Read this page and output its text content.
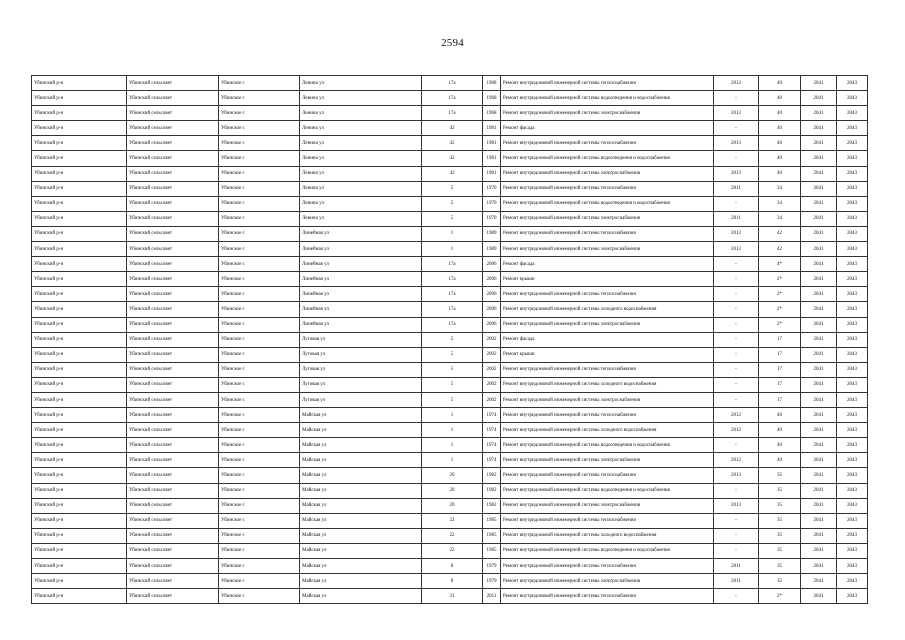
2594
Убинский р-н	Убинский сельсовет	Убинское с	Ленина ул	17а	1968	Ремонт внутридомовой инженерной системы теплоснабжения	2012	40	2041	2043
Убинский р-н	Убинский сельсовет	Убинское с	Ленина ул	17а	1968	Ремонт внутридомовой инженерной системы водоотведения и водоснабжения	-	40	2041	2043
Убинский р-н	Убинский сельсовет	Убинское с	Ленина ул	17а	1968	Ремонт внутридомовой инженерной системы электроснабжения	2012	40	2041	2043
Убинский р-н	Убинский сельсовет	Убинское с	Ленина ул	42	1981	Ремонт фасада	-	40	2041	2043
Убинский р-н	Убинский сельсовет	Убинское с	Ленина ул	42	1981	Ремонт внутридомовой инженерной системы теплоснабжения	2013	40	2041	2043
Убинский р-н	Убинский сельсовет	Убинское с	Ленина ул	42	1981	Ремонт внутридомовой инженерной системы водоотведения и водоснабжения	-	40	2041	2043
Убинский р-н	Убинский сельсовет	Убинское с	Ленина ул	42	1981	Ремонт внутридомовой инженерной системы электроснабжения	2013	40	2041	2043
Убинский р-н	Убинский сельсовет	Убинское с	Ленина ул	5	1970	Ремонт внутридомовой инженерной системы теплоснабжения	2011	34	2041	2043
Убинский р-н	Убинский сельсовет	Убинское с	Ленина ул	5	1970	Ремонт внутридомовой инженерной системы водоотведения и водоснабжения	-	34	2041	2043
Убинский р-н	Убинский сельсовет	Убинское с	Ленина ул	5	1970	Ремонт внутридомовой инженерной системы электроснабжения	2011	34	2041	2043
Убинский р-н	Убинский сельсовет	Убинское с	Линейная ул	1	1989	Ремонт внутридомовой инженерной системы теплоснабжения	2012	42	2041	2043
Убинский р-н	Убинский сельсовет	Убинское с	Линейная ул	1	1989	Ремонт внутридомовой инженерной системы электроснабжения	2012	42	2041	2043
Убинский р-н	Убинский сельсовет	Убинское с	Линейная ул	17а	2006	Ремонт фасада	-	4*	2041	2043
Убинский р-н	Убинский сельсовет	Убинское с	Линейная ул	17а	2006	Ремонт крыши	-	2*	2041	2043
Убинский р-н	Убинский сельсовет	Убинское с	Линейная ул	17а	2006	Ремонт внутридомовой инженерной системы теплоснабжения	-	2*	2041	2043
Убинский р-н	Убинский сельсовет	Убинское с	Линейная ул	17а	2006	Ремонт внутридомовой инженерной системы холодного водоснабжения	-	2*	2041	2043
Убинский р-н	Убинский сельсовет	Убинское с	Линейная ул	17а	2006	Ремонт внутридомовой инженерной системы электроснабжения	-	2*	2041	2043
Убинский р-н	Убинский сельсовет	Убинское с	Луговая ул	5	2002	Ремонт фасада	-	17	2041	2043
Убинский р-н	Убинский сельсовет	Убинское с	Луговая ул	5	2002	Ремонт крыши	-	17	2041	2043
Убинский р-н	Убинский сельсовет	Убинское с	Луговая ул	5	2002	Ремонт внутридомовой инженерной системы теплоснабжения	-	17	2041	2043
Убинский р-н	Убинский сельсовет	Убинское с	Луговая ул	5	2002	Ремонт внутридомовой инженерной системы холодного водоснабжения	-	17	2041	2043
Убинский р-н	Убинский сельсовет	Убинское с	Луговая ул	5	2002	Ремонт внутридомовой инженерной системы электроснабжения	-	17	2041	2043
Убинский р-н	Убинский сельсовет	Убинское с	Майская ул	1	1974	Ремонт внутридомовой инженерной системы теплоснабжения	2012	40	2041	2043
Убинский р-н	Убинский сельсовет	Убинское с	Майская ул	1	1974	Ремонт внутридомовой инженерной системы холодного водоснабжения	2012	40	2041	2043
Убинский р-н	Убинский сельсовет	Убинское с	Майская ул	1	1974	Ремонт внутридомовой инженерной системы водоотведения и водоснабжения	-	40	2041	2043
Убинский р-н	Убинский сельсовет	Убинское с	Майская ул	1	1974	Ремонт внутридомовой инженерной системы электроснабжения	2012	40	2041	2043
Убинский р-н	Убинский сельсовет	Убинское с	Майская ул	20	1982	Ремонт внутридомовой инженерной системы теплоснабжения	2013	35	2041	2043
Убинский р-н	Убинский сельсовет	Убинское с	Майская ул	20	1982	Ремонт внутридомовой инженерной системы водоотведения и водоснабжения	-	35	2041	2043
Убинский р-н	Убинский сельсовет	Убинское с	Майская ул	20	1982	Ремонт внутридомовой инженерной системы электроснабжения	2013	35	2041	2043
Убинский р-н	Убинский сельсовет	Убинское с	Майская ул	22	1985	Ремонт внутридомовой инженерной системы теплоснабжения	-	35	2041	2043
Убинский р-н	Убинский сельсовет	Убинское с	Майская ул	22	1985	Ремонт внутридомовой инженерной системы холодного водоснабжения	-	35	2041	2043
Убинский р-н	Убинский сельсовет	Убинское с	Майская ул	22	1985	Ремонт внутридомовой инженерной системы водоотведения и водоснабжения	-	35	2041	2043
Убинский р-н	Убинский сельсовет	Убинское с	Майская ул	8	1979	Ремонт внутридомовой инженерной системы теплоснабжения	2011	35	2041	2043
Убинский р-н	Убинский сельсовет	Убинское с	Майская ул	8	1979	Ремонт внутридомовой инженерной системы электроснабжения	2011	35	2041	2043
Убинский р-н	Убинский сельсовет	Убинское с	Майская ул	31	2011	Ремонт внутридомовой инженерной системы теплоснабжения	-	2*	2041	2043
